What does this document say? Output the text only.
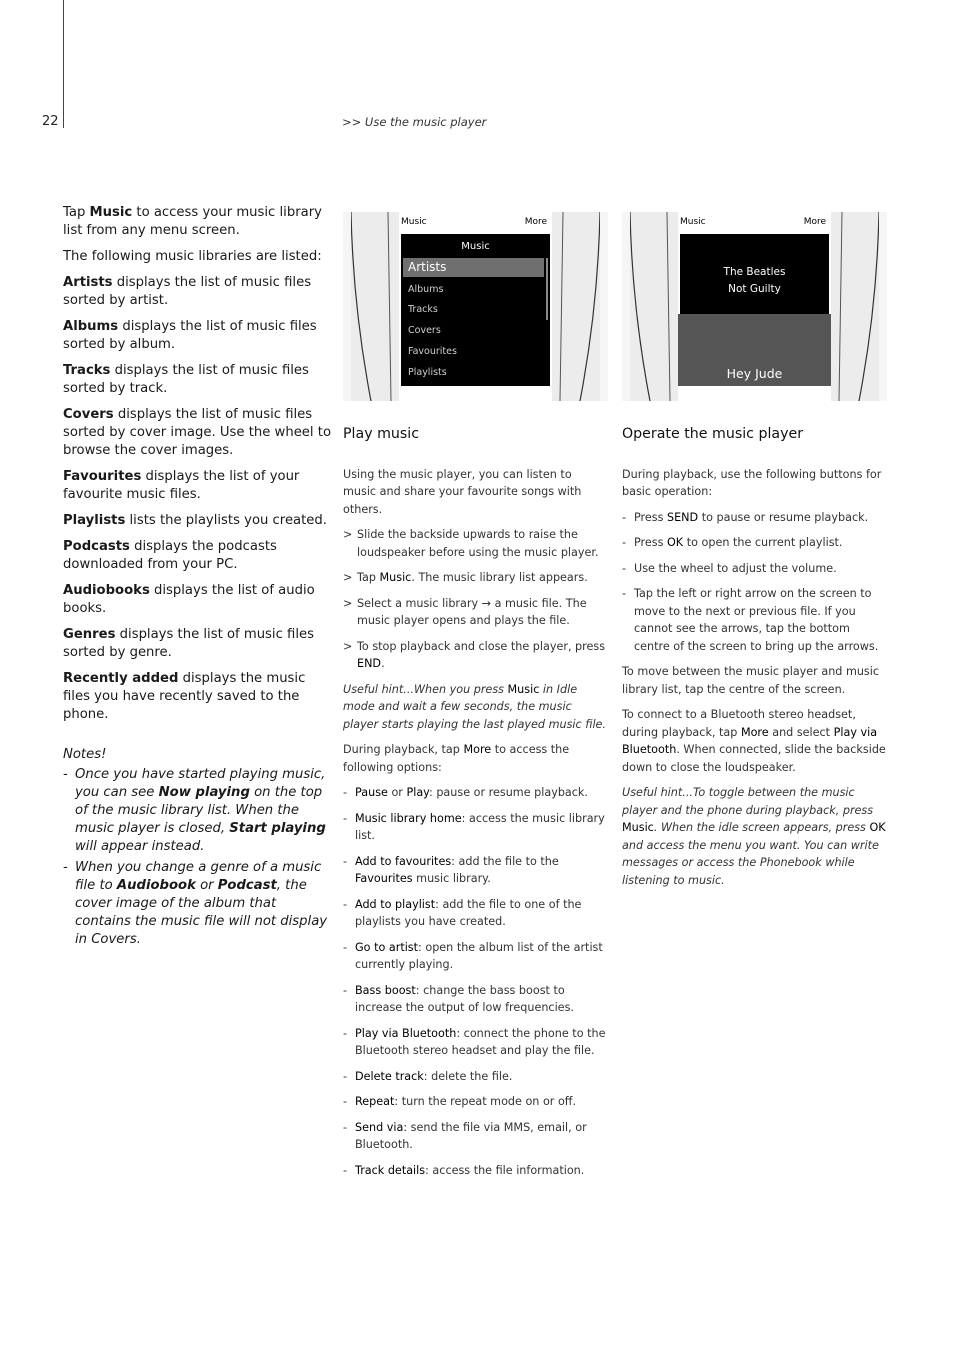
22	>> Use the music player

Tap Music to access your music library list from any menu screen.

The following music libraries are listed:

Artists displays the list of music files sorted by artist.

Albums displays the list of music files sorted by album.

Tracks displays the list of music files sorted by track.

Covers displays the list of music files sorted by cover image. Use the wheel to browse the cover images.

Favourites displays the list of your favourite music files.

Playlists lists the playlists you created.

Podcasts displays the podcasts downloaded from your PC.

Audiobooks displays the list of audio books.

Genres displays the list of music files sorted by genre.

Recently added displays the music files you have recently saved to the phone.

Notes!
- Once you have started playing music, you can see Now playing on the top of the music library list. When the music player is closed, Start playing will appear instead.
- When you change a genre of a music file to Audiobook or Podcast, the cover image of the album that contains the music file will not display in Covers.
Music	More
Music
Artists
Albums
Tracks
Covers
Favourites
Playlists
Music	More
The Beatles
Not Guilty
Hey Jude
Play music

Using the music player, you can listen to music and share your favourite songs with others.

> Slide the backside upwards to raise the loudspeaker before using the music player.

> Tap Music. The music library list appears.

> Select a music library → a music file. The music player opens and plays the file.

> To stop playback and close the player, press END.

Useful hint...When you press Music in Idle mode and wait a few seconds, the music player starts playing the last played music file.

During playback, tap More to access the following options:

- Pause or Play: pause or resume playback.

- Music library home: access the music library list.

- Add to favourites: add the file to the Favourites music library.

- Add to playlist: add the file to one of the playlists you have created.

- Go to artist: open the album list of the artist currently playing.

- Bass boost: change the bass boost to increase the output of low frequencies.

- Play via Bluetooth: connect the phone to the Bluetooth stereo headset and play the file.

- Delete track: delete the file.

- Repeat: turn the repeat mode on or off.

- Send via: send the file via MMS, email, or Bluetooth.

- Track details: access the file information.

Operate the music player

During playback, use the following buttons for basic operation:

- Press SEND to pause or resume playback.

- Press OK to open the current playlist.

- Use the wheel to adjust the volume.

- Tap the left or right arrow on the screen to move to the next or previous file. If you cannot see the arrows, tap the bottom centre of the screen to bring up the arrows.

To move between the music player and music library list, tap the centre of the screen.

To connect to a Bluetooth stereo headset, during playback, tap More and select Play via Bluetooth. When connected, slide the backside down to close the loudspeaker.

Useful hint...To toggle between the music player and the phone during playback, press Music. When the idle screen appears, press OK and access the menu you want. You can write messages or access the Phonebook while listening to music.
